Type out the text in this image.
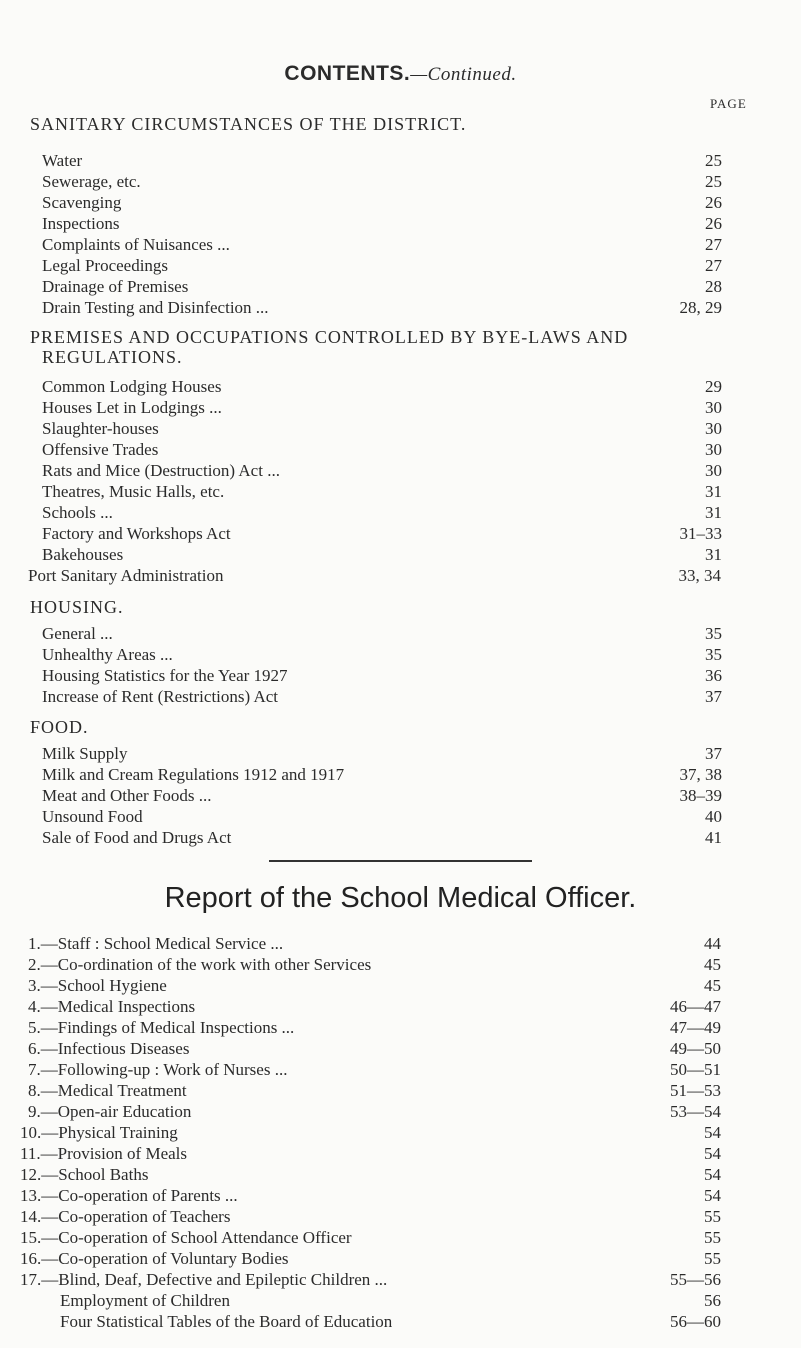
CONTENTS.—Continued.
PAGE
SANITARY CIRCUMSTANCES OF THE DISTRICT.
Water	25
Sewerage, etc.	25
Scavenging	26
Inspections	26
Complaints of Nuisances ...	27
Legal Proceedings	27
Drainage of Premises	28
Drain Testing and Disinfection ...	28, 29
PREMISES AND OCCUPATIONS CONTROLLED BY BYE-LAWS AND
REGULATIONS.
Common Lodging Houses	29
Houses Let in Lodgings ...	30
Slaughter-houses	30
Offensive Trades	30
Rats and Mice (Destruction) Act ...	30
Theatres, Music Halls, etc.	31
Schools ...	31
Factory and Workshops Act	31–33
Bakehouses	31
Port Sanitary Administration	33, 34
HOUSING.
General ...	35
Unhealthy Areas ...	35
Housing Statistics for the Year 1927	36
Increase of Rent (Restrictions) Act	37
FOOD.
Milk Supply	37
Milk and Cream Regulations 1912 and 1917	37, 38
Meat and Other Foods ...	38–39
Unsound Food	40
Sale of Food and Drugs Act	41
Report of the School Medical Officer.
1.—Staff : School Medical Service ...	44
2.—Co-ordination of the work with other Services	45
3.—School Hygiene	45
4.—Medical Inspections	46—47
5.—Findings of Medical Inspections ...	47—49
6.—Infectious Diseases	49—50
7.—Following-up : Work of Nurses ...	50—51
8.—Medical Treatment	51—53
9.—Open-air Education	53—54
10.—Physical Training	54
11.—Provision of Meals	54
12.—School Baths	54
13.—Co-operation of Parents ...	54
14.—Co-operation of Teachers	55
15.—Co-operation of School Attendance Officer	55
16.—Co-operation of Voluntary Bodies	55
17.—Blind, Deaf, Defective and Epileptic Children ...	55—56
Employment of Children	56
Four Statistical Tables of the Board of Education	56—60
